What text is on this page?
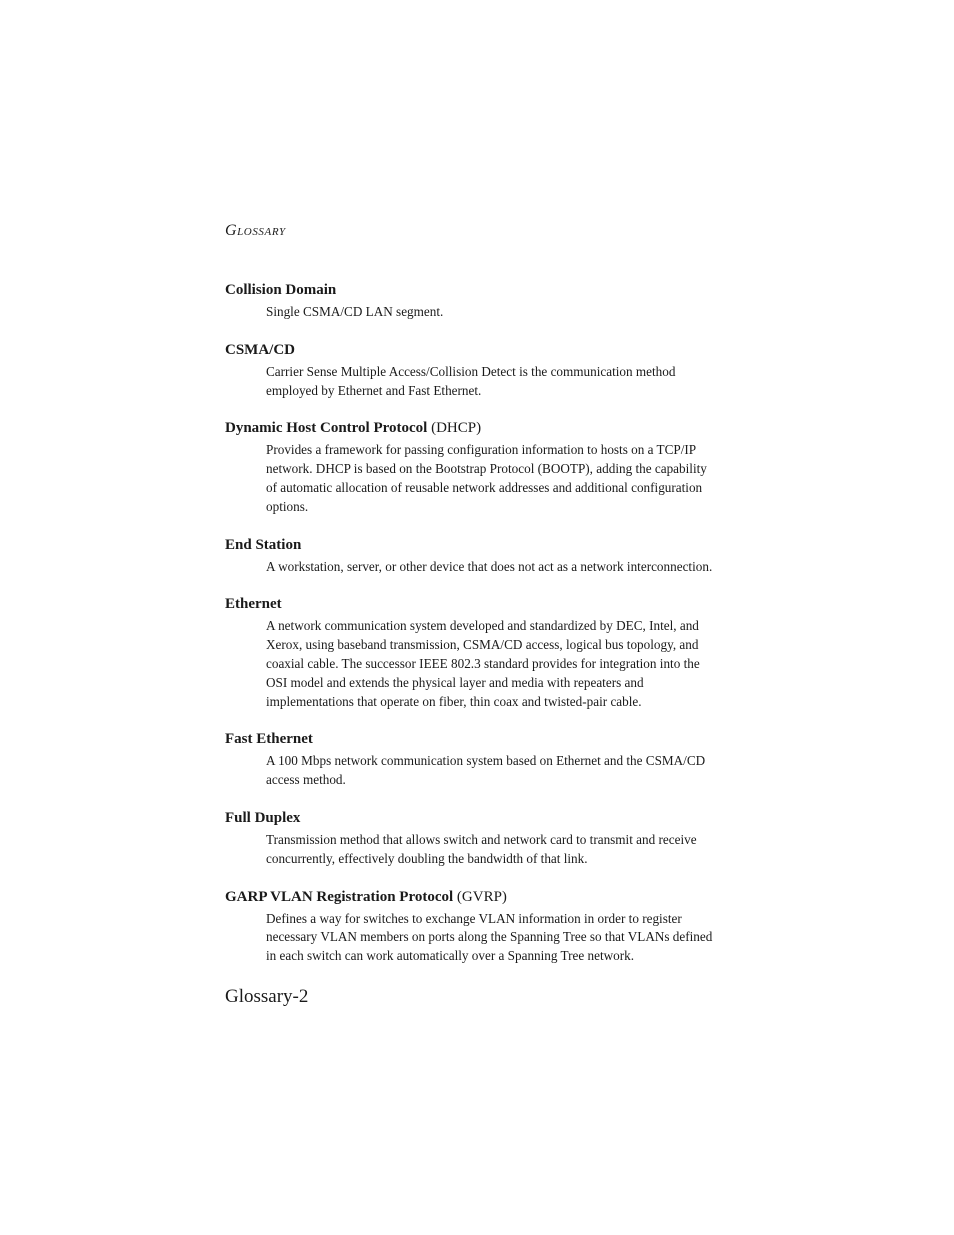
GLOSSARY
Collision Domain
Single CSMA/CD LAN segment.
CSMA/CD
Carrier Sense Multiple Access/Collision Detect is the communication method employed by Ethernet and Fast Ethernet.
Dynamic Host Control Protocol (DHCP)
Provides a framework for passing configuration information to hosts on a TCP/IP network. DHCP is based on the Bootstrap Protocol (BOOTP), adding the capability of automatic allocation of reusable network addresses and additional configuration options.
End Station
A workstation, server, or other device that does not act as a network interconnection.
Ethernet
A network communication system developed and standardized by DEC, Intel, and Xerox, using baseband transmission, CSMA/CD access, logical bus topology, and coaxial cable. The successor IEEE 802.3 standard provides for integration into the OSI model and extends the physical layer and media with repeaters and implementations that operate on fiber, thin coax and twisted-pair cable.
Fast Ethernet
A 100 Mbps network communication system based on Ethernet and the CSMA/CD access method.
Full Duplex
Transmission method that allows switch and network card to transmit and receive concurrently, effectively doubling the bandwidth of that link.
GARP VLAN Registration Protocol (GVRP)
Defines a way for switches to exchange VLAN information in order to register necessary VLAN members on ports along the Spanning Tree so that VLANs defined in each switch can work automatically over a Spanning Tree network.
Glossary-2
